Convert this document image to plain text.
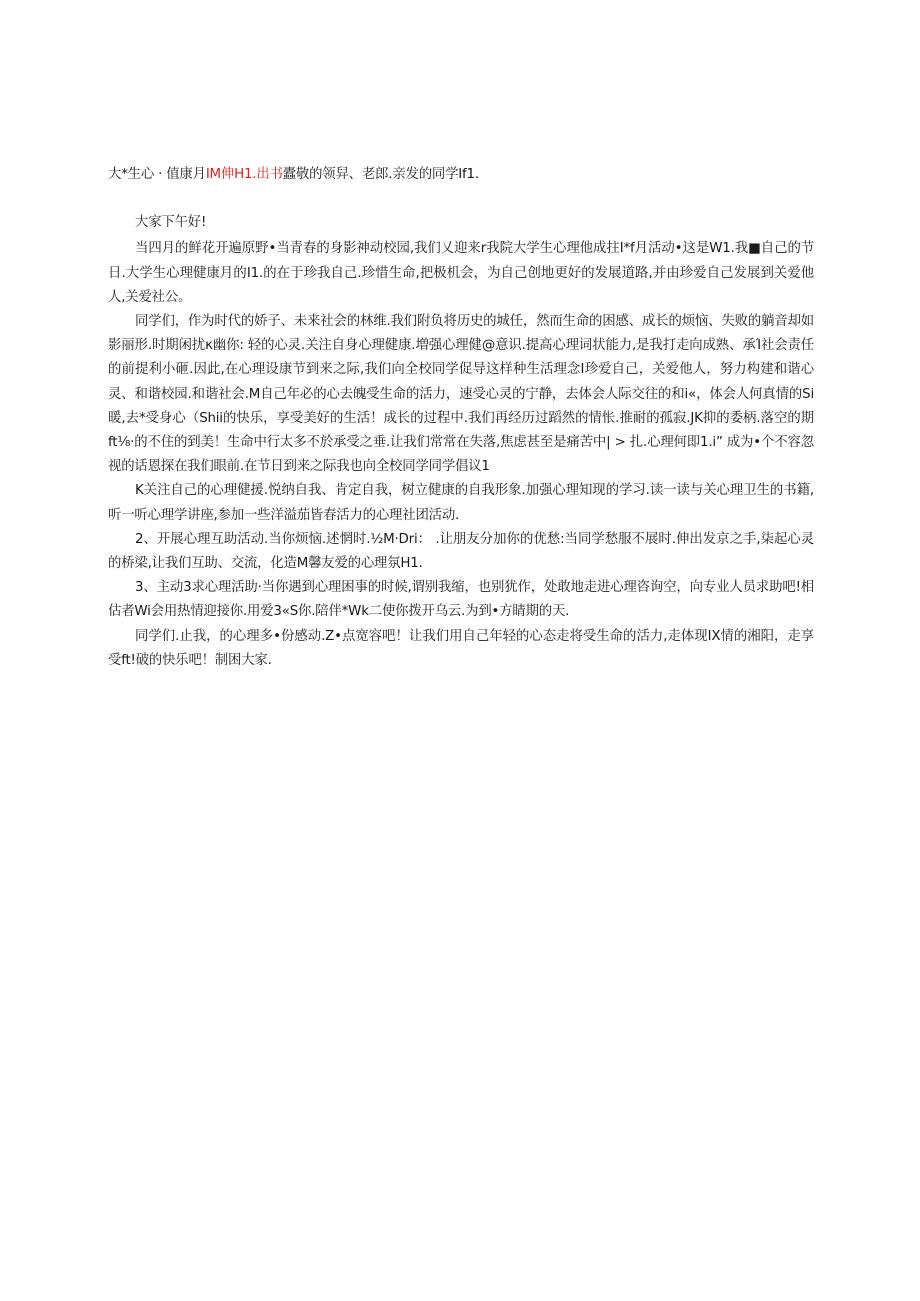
大*生心 · 值康月IM伸H1.出书蠹敬的领舁、老郎.亲发的同学If1.

大家下午好!

当四月的鲜花开遍原野•当青春的身影神动校园,我们乂迎来r我院大学生心理他成拄I*f月活动•这是W1.我■自己的节日.大学生心理健康月的I1.的在于珍我自己.珍惜生命,把极机会，为自己创地更好的发展道路,并由珍爱自己发展到关爱他人,关爱社公。

同学们，作为时代的娇子、未来社会的林维.我们附负将历史的城任，然而生命的困感、成长的烦恼、失败的躺音却如影丽形.时期闲扰κ幽你: 轻的心灵.关注自身心理健康.増强心理健@意识.提高心理词状能力,是我打走向成熟、承Ί社会责任的前提利小砸.因此,在心理设康节到来之际,我们向全校同学促导这样种生活理念I珍爱自己，关爱他人，努力构建和谐心灵、和谐校园.和谐社会.M自己年必的心去魄受生命的活力，速受心灵的宁静，去体会人际交往的和i«，体会人何真情的Si暖,去*受身心（Shii的快乐，享受美好的生活！成长的过程中.我们再经历过蹈然的情怅.推耐的孤寂.JK抑的委柄.落空的期ft⅛·的不住的到美！生命中行太多不於承受之垂.让我们常常在失落,焦虑甚至是痛苦中| > 扎.心理何即1.i” 成为•个不容忽视的话恩探在我们眼前.在节日到来之际我也向全校同学同学倡议1

K关注自己的心理健援.悦纳自我、肯定自我，树立健康的自我形象.加强心理知现的学习.读一读与关心理卫生的书籍,听一听心理学讲座,参加一些洋溢茄皆春活力的心理社团活动.

2、开展心理互助活动.当你烦恼.述惘时.½M·Dri： .让朋友分加你的优愁:当同学愁服不展时.伸出发京之手,柒起心灵的桥梁,让我们互助、交流，化造M馨友爱的心理氛H1.

3、主动3求心理活助·当你遇到心理困事的时候,谓别我缩，也别犹作，处敢地走进心理咨询空，向专业人员求助吧!相估者Wi会用热情迎接你.用爱3«S你.陪伴*Wk二使你拨开乌云.为到•方睛期的天.

同学们.止我，的心理多•份感动.Z•点宽容吧！让我们用自己年轻的心态走将受生命的活力,走体现IX情的湘阳，走享受ft!破的快乐吧！制困大家.
